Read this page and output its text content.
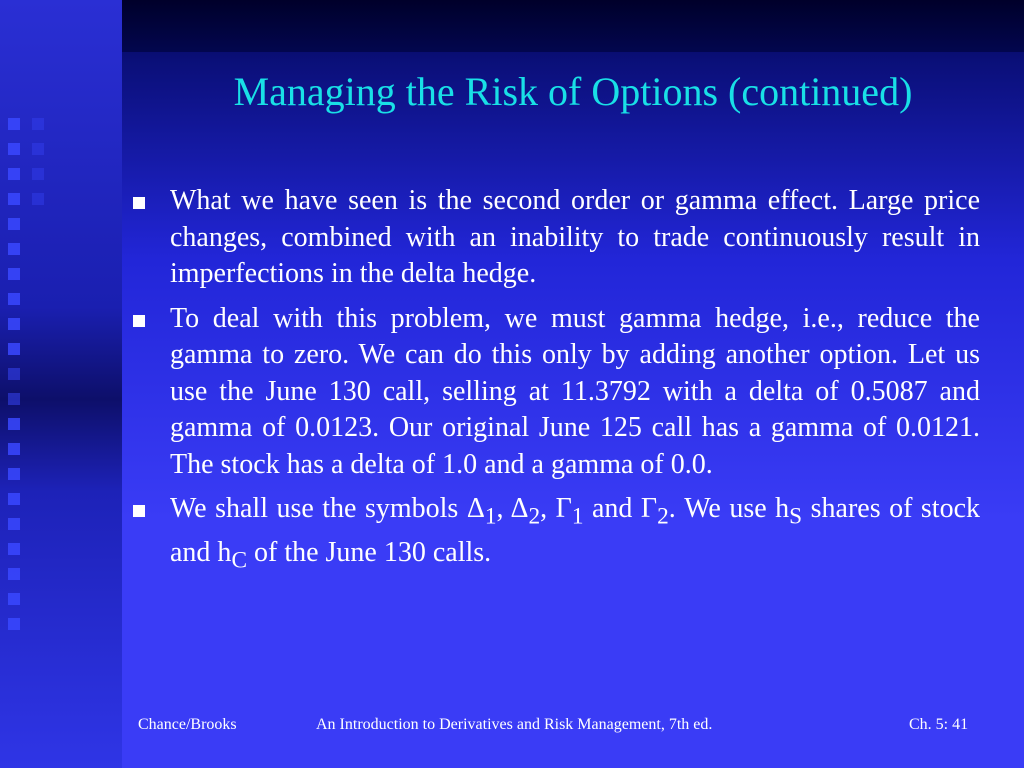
Managing the Risk of Options (continued)
What we have seen is the second order or gamma effect. Large price changes, combined with an inability to trade continuously result in imperfections in the delta hedge.
To deal with this problem, we must gamma hedge, i.e., reduce the gamma to zero. We can do this only by adding another option. Let us use the June 130 call, selling at 11.3792 with a delta of 0.5087 and gamma of 0.0123. Our original June 125 call has a gamma of 0.0121. The stock has a delta of 1.0 and a gamma of 0.0.
We shall use the symbols $\Delta_1$, $\Delta_2$, $\Gamma_1$ and $\Gamma_2$. We use $h_S$ shares of stock and $h_C$ of the June 130 calls.
Chance/Brooks	An Introduction to Derivatives and Risk Management, 7th ed.	Ch. 5: 41
